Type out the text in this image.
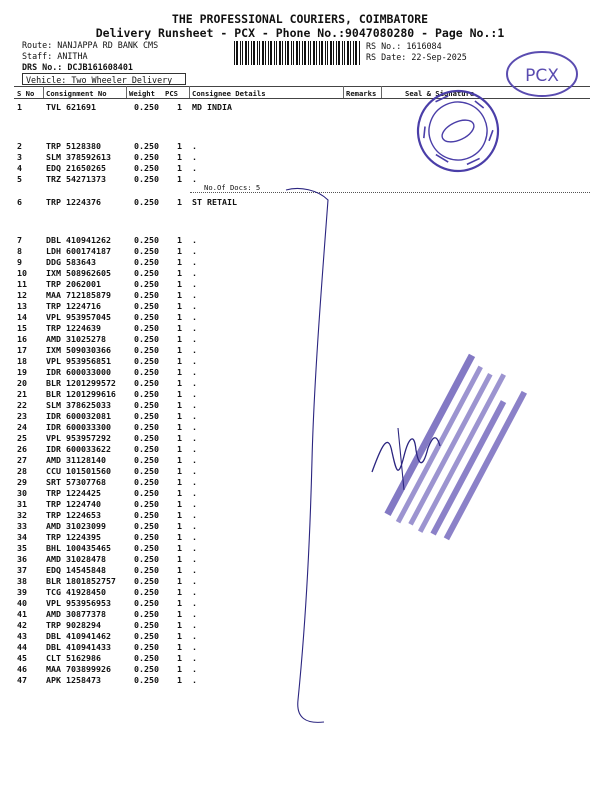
THE PROFESSIONAL COURIERS, COIMBATORE
Delivery Runsheet - PCX - Phone No.:9047080280 - Page No.:1
Route: NANJAPPA RD BANK CMS
Staff: ANITHA
DRS No.: DCJB161608401
RS No.: 1616084
RS Date: 22-Sep-2025
Vehicle: Two Wheeler Delivery
S No Consignment No	Weight PCS Consignee Details	Remarks	Seal & Signature
1	TVL 621691	0.250 1 MD INDIA
2	TRP 5128380	0.250 1 .
3	SLM 378592613	0.250 1 .
4	EDQ 21650265	0.250 1 .
5	TRZ 54271373	0.250 1 .
6	TRP 1224376	0.250 1 ST RETAIL
7	DBL 410941262	0.250 1 .
8	LDH 600174187	0.250 1 .
9	DDG 583643	0.250 1 .
10 IXM 508962605	0.250 1 .
11 TRP 2062001	0.250 1 .
12 MAA 712185879	0.250 1 .
13 TRP 1224716	0.250 1 .
14 VPL 953957045	0.250 1 .
15 TRP 1224639	0.250 1 .
16 AMD 31025278	0.250 1 .
17 IXM 509030366	0.250 1 .
18 VPL 953956851	0.250 1 .
19 IDR 600033000	0.250 1 .
20 BLR 1201299572 0.250 1 .
21 BLR 1201299616 0.250 1 .
22 SLM 378625033	0.250 1 .
23 IDR 600032081	0.250 1 .
24 IDR 600033300	0.250 1 .
25 VPL 953957292	0.250 1 .
26 IDR 600033622	0.250 1 .
27 AMD 31128140	0.250 1 .
28 CCU 101501560	0.250 1 .
29 SRT 57307768	0.250 1 .
30 TRP 1224425	0.250 1 .
31 TRP 1224740	0.250 1 .
32 TRP 1224653	0.250 1 .
33 AMD 31023099	0.250 1 .
34 TRP 1224395	0.250 1 .
35 BHL 100435465	0.250 1 .
36 AMD 31028478	0.250 1 .
37 EDQ 14545848	0.250 1 .
38 BLR 1801852757 0.250 1 .
39 TCG 41928450	0.250 1 .
40 VPL 953956953	0.250 1 .
41 AMD 30877378	0.250 1 .
42 TRP 9028294	0.250 1 .
43 DBL 410941462	0.250 1 .
44 DBL 410941433	0.250 1 .
45 CLT 5162986	0.250 1 .
46 MAA 703899926	0.250 1 .
47 APK 1258473	0.250 1 .
No.Of Docs: 5
PCX
